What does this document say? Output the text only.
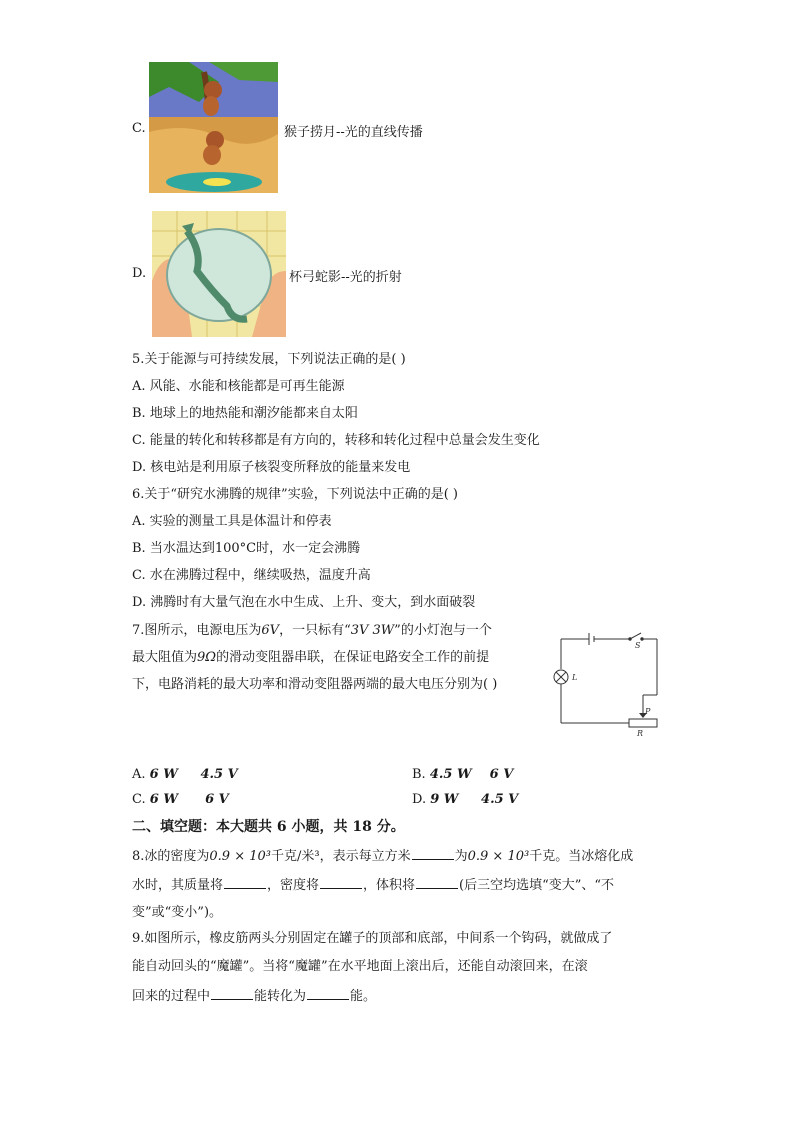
C.	猴子捞月--光的直线传播
D.	杯弓蛇影--光的折射
5.关于能源与可持续发展，下列说法正确的是( )
A. 风能、水能和核能都是可再生能源
B. 地球上的地热能和潮汐能都来自太阳
C. 能量的转化和转移都是有方向的，转移和转化过程中总量会发生变化
D. 核电站是利用原子核裂变所释放的能量来发电
6.关于“研究水沸腾的规律”实验，下列说法中正确的是( )
A. 实验的测量工具是体温计和停表
B. 当水温达到100°C时，水一定会沸腾
C. 水在沸腾过程中，继续吸热，温度升高
D. 沸腾时有大量气泡在水中生成、上升、变大，到水面破裂
7.图所示，电源电压为6V，一只标有“3V 3W”的小灯泡与一个
最大阻值为9Ω的滑动变阻器串联，在保证电路安全工作的前提
下，电路消耗的最大功率和滑动变阻器两端的最大电压分别为( )
S
L
P
R
A. 6 W     4.5 V	B. 4.5 W    6 V
C. 6 W      6 V	D. 9 W     4.5 V
二、填空题：本大题共 6 小题，共 18 分。
8.冰的密度为0.9 × 10³千克/米³，表示每立方米	为0.9 × 10³千克。当冰熔化成
水时，其质量将	，密度将	，体积将	(后三空均选填“变大”、“不
变”或“变小”)。
9.如图所示，橡皮筋两头分别固定在罐子的顶部和底部，中间系一个钩码，就做成了
能自动回头的“魔罐”。当将“魔罐”在水平地面上滚出后，还能自动滚回来，在滚
回来的过程中	能转化为	能。
